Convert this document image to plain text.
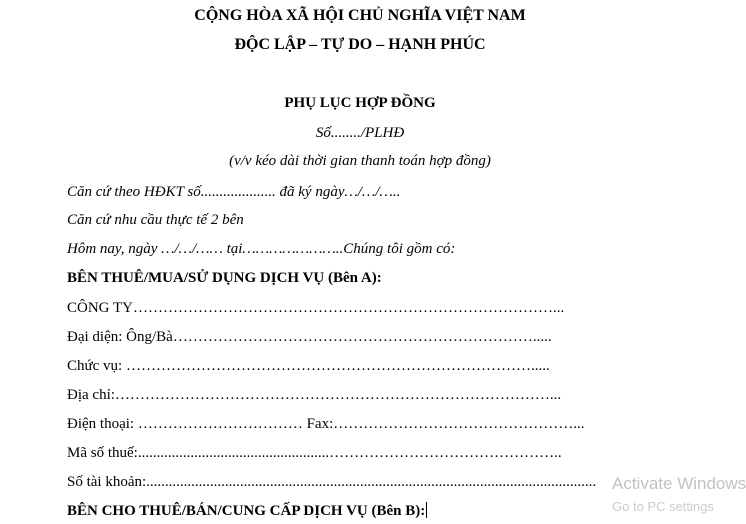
CỘNG HÒA XÃ HỘI CHỦ NGHĨA VIỆT NAM
ĐỘC LẬP – TỰ DO – HẠNH PHÚC
PHỤ LỤC HỢP ĐỒNG
Số......../PLHĐ
(v/v kéo dài thời gian thanh toán hợp đồng)
Căn cứ theo HĐKT số.................... đã ký ngày…/…/…..
Căn cứ nhu cầu thực tế 2 bên
Hôm nay, ngày …/…/…… tại…………………..Chúng tôi gồm có:
BÊN THUÊ/MUA/SỬ DỤNG DỊCH VỤ (Bên A):
CÔNG TY…………………………………………………………………………...
Đại diện: Ông/Bà……………………………………………………………….....
Chức vụ: ……………………………………………………………………….....
Địa chỉ:……………………………………………………………………………...
Điện thoại: …………………………… Fax:…………………………………………...
Mã số thuế:...................................................………………………………………..
Số tài khoản:........................................................................................................................
BÊN CHO THUÊ/BÁN/CUNG CẤP DỊCH VỤ (Bên B):
Activate Windows
Go to PC settings
